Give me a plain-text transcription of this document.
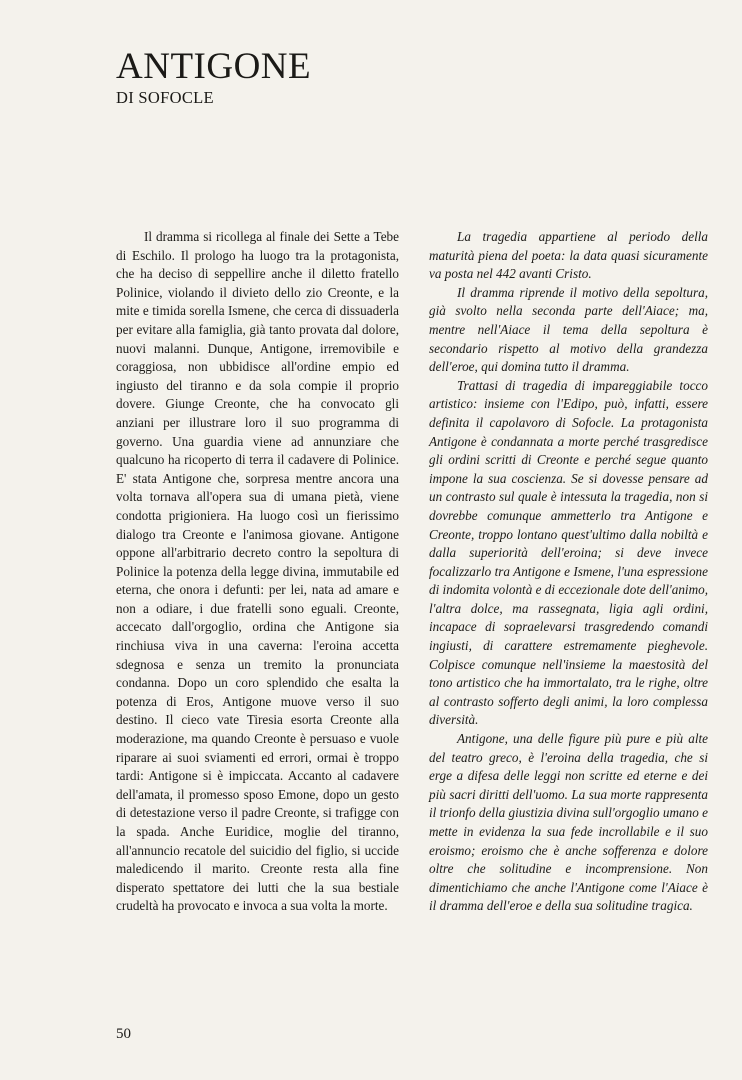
ANTIGONE
DI SOFOCLE

Il dramma si ricollega al finale dei Sette a Tebe di Eschilo. Il prologo ha luogo tra la protagonista, che ha deciso di seppellire anche il diletto fratello Polinice, violando il divieto dello zio Creonte, e la mite e timida sorella Ismene, che cerca di dissuaderla per evitare alla famiglia, già tanto provata dal dolore, nuovi malanni. Dunque, Antigone, irremovibile e coraggiosa, non ubbidisce all'ordine empio ed ingiusto del tiranno e da sola compie il proprio dovere. Giunge Creonte, che ha convocato gli anziani per illustrare loro il suo programma di governo. Una guardia viene ad annunziare che qualcuno ha ricoperto di terra il cadavere di Polinice. E' stata Antigone che, sorpresa mentre ancora una volta tornava all'opera sua di umana pietà, viene condotta prigioniera. Ha luogo così un fierissimo dialogo tra Creonte e l'animosa giovane. Antigone oppone all'arbitrario decreto contro la sepoltura di Polinice la potenza della legge divina, immutabile ed eterna, che onora i defunti: per lei, nata ad amare e non a odiare, i due fratelli sono eguali. Creonte, accecato dall'orgoglio, ordina che Antigone sia rinchiusa viva in una caverna: l'eroina accetta sdegnosa e senza un tremito la pronunciata condanna. Dopo un coro splendido che esalta la potenza di Eros, Antigone muove verso il suo destino. Il cieco vate Tiresia esorta Creonte alla moderazione, ma quando Creonte è persuaso e vuole riparare ai suoi sviamenti ed errori, ormai è troppo tardi: Antigone si è impiccata. Accanto al cadavere dell'amata, il promesso sposo Emone, dopo un gesto di detestazione verso il padre Creonte, si trafigge con la spada. Anche Euridice, moglie del tiranno, all'annuncio recatole del suicidio del figlio, si uccide maledicendo il marito. Creonte resta alla fine disperato spettatore dei lutti che la sua bestiale crudeltà ha provocato e invoca a sua volta la morte.

La tragedia appartiene al periodo della maturità piena del poeta: la data quasi sicuramente va posta nel 442 avanti Cristo.

Il dramma riprende il motivo della sepoltura, già svolto nella seconda parte dell'Aiace; ma, mentre nell'Aiace il tema della sepoltura è secondario rispetto al motivo della grandezza dell'eroe, qui domina tutto il dramma.

Trattasi di tragedia di impareggiabile tocco artistico: insieme con l'Edipo, può, infatti, essere definita il capolavoro di Sofocle. La protagonista Antigone è condannata a morte perché trasgredisce gli ordini scritti di Creonte e perché segue quanto impone la sua coscienza. Se si dovesse pensare ad un contrasto sul quale è intessuta la tragedia, non si dovrebbe comunque ammetterlo tra Antigone e Creonte, troppo lontano quest'ultimo dalla nobiltà e dalla superiorità dell'eroina; si deve invece focalizzarlo tra Antigone e Ismene, l'una espressione di indomita volontà e di eccezionale dote dell'animo, l'altra dolce, ma rassegnata, ligia agli ordini, incapace di sopraelevarsi trasgredendo comandi ingiusti, di carattere estremamente pieghevole. Colpisce comunque nell'insieme la maestosità del tono artistico che ha immortalato, tra le righe, oltre al contrasto sofferto degli animi, la loro complessa diversità.

Antigone, una delle figure più pure e più alte del teatro greco, è l'eroina della tragedia, che si erge a difesa delle leggi non scritte ed eterne e dei più sacri diritti dell'uomo. La sua morte rappresenta il trionfo della giustizia divina sull'orgoglio umano e mette in evidenza la sua fede incrollabile e il suo eroismo; eroismo che è anche sofferenza e dolore oltre che solitudine e incomprensione. Non dimentichiamo che anche l'Antigone come l'Aiace è il dramma dell'eroe e della sua solitudine tragica.

50
